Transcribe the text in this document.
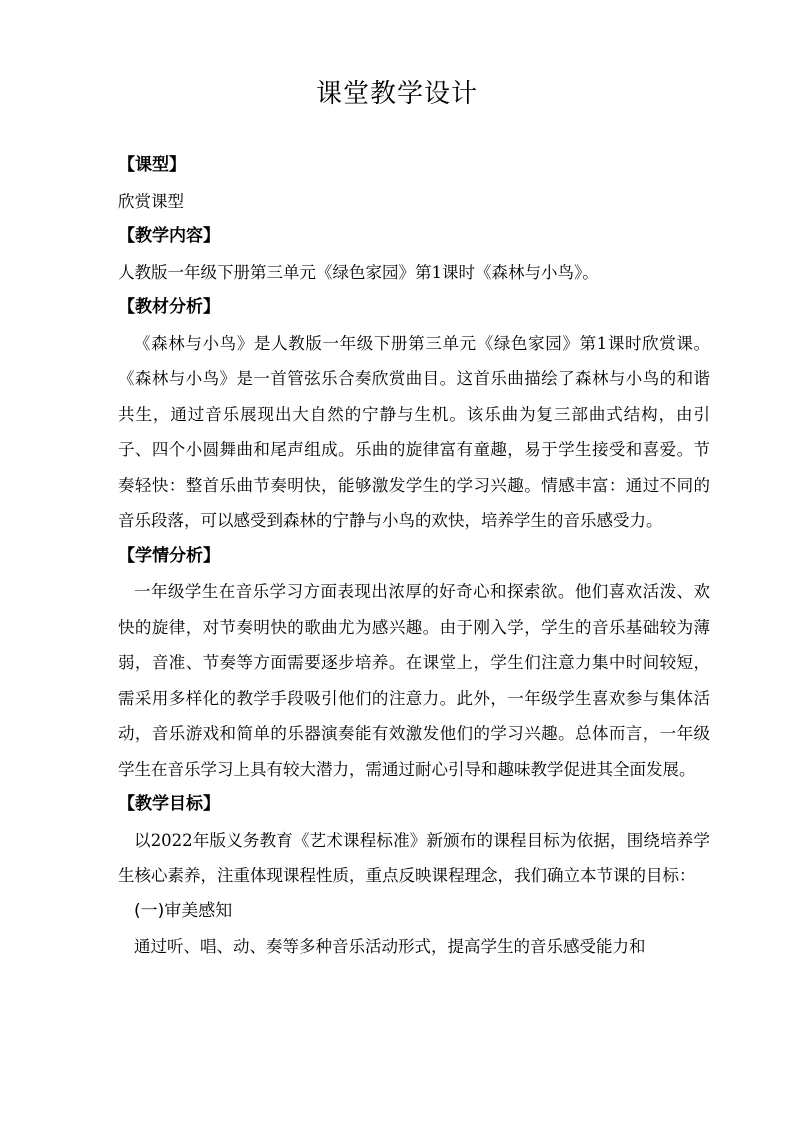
课堂教学设计

【课型】

欣赏课型

【教学内容】

人教版一年级下册第三单元《绿色家园》第1课时《森林与小鸟》。

【教材分析】

《森林与小鸟》是人教版一年级下册第三单元《绿色家园》第1课时欣赏课。《森林与小鸟》是一首管弦乐合奏欣赏曲目。这首乐曲描绘了森林与小鸟的和谐共生，通过音乐展现出大自然的宁静与生机。该乐曲为复三部曲式结构，由引子、四个小圆舞曲和尾声组成。乐曲的旋律富有童趣，易于学生接受和喜爱。节奏轻快：整首乐曲节奏明快，能够激发学生的学习兴趣。情感丰富：通过不同的音乐段落，可以感受到森林的宁静与小鸟的欢快，培养学生的音乐感受力。

【学情分析】

一年级学生在音乐学习方面表现出浓厚的好奇心和探索欲。他们喜欢活泼、欢快的旋律，对节奏明快的歌曲尤为感兴趣。由于刚入学，学生的音乐基础较为薄弱，音准、节奏等方面需要逐步培养。在课堂上，学生们注意力集中时间较短，需采用多样化的教学手段吸引他们的注意力。此外，一年级学生喜欢参与集体活动，音乐游戏和简单的乐器演奏能有效激发他们的学习兴趣。总体而言，一年级学生在音乐学习上具有较大潜力，需通过耐心引导和趣味教学促进其全面发展。

【教学目标】

以2022年版义务教育《艺术课程标准》新颁布的课程目标为依据，围绕培养学生核心素养，注重体现课程性质，重点反映课程理念，我们确立本节课的目标：

(一)审美感知

通过听、唱、动、奏等多种音乐活动形式，提高学生的音乐感受能力和
